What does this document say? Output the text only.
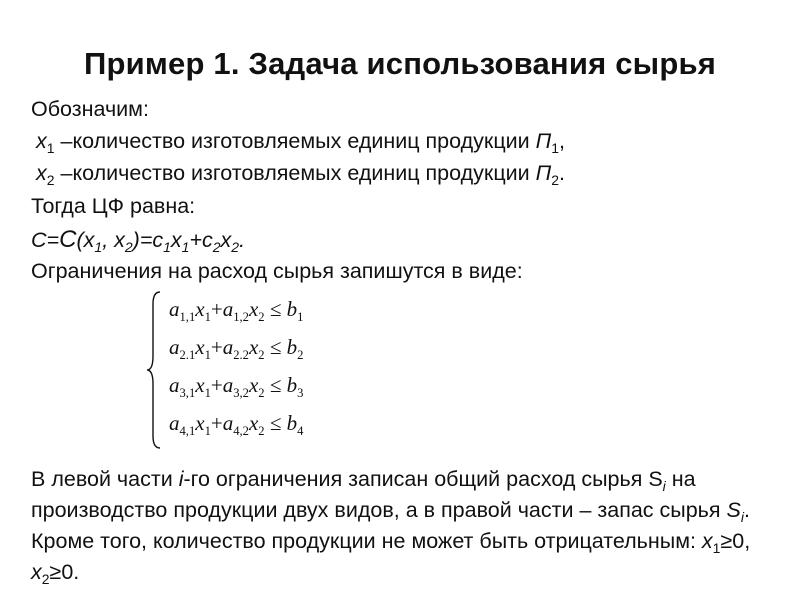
Пример 1. Задача использования сырья
Обозначим:
$x_1$ –количество изготовляемых единиц продукции $П_1$,
$x_2$ –количество изготовляемых единиц продукции $П_2$.
Тогда ЦФ равна:
$C=C(x_1$, $x_2)=c_1x_1+c_2x_2$.
Ограничения на расход сырья запишутся в виде:
$a_{1,1}x_1+a_{1,2}x_2 \le b_1$
$a_{2.1}x_1+a_{2.2}x_2 \le b_2$
$a_{3,1}x_1+a_{3,2}x_2 \le b_3$
$a_{4,1}x_1+a_{4,2}x_2 \le b_4$
В левой части i-го ограничения записан общий расход сырья $S_i$ на производство продукции двух видов, а в правой части – запас сырья $S_i$. Кроме того, количество продукции не может быть отрицательным: $x_1\ge 0$, $x_2\ge 0$.
